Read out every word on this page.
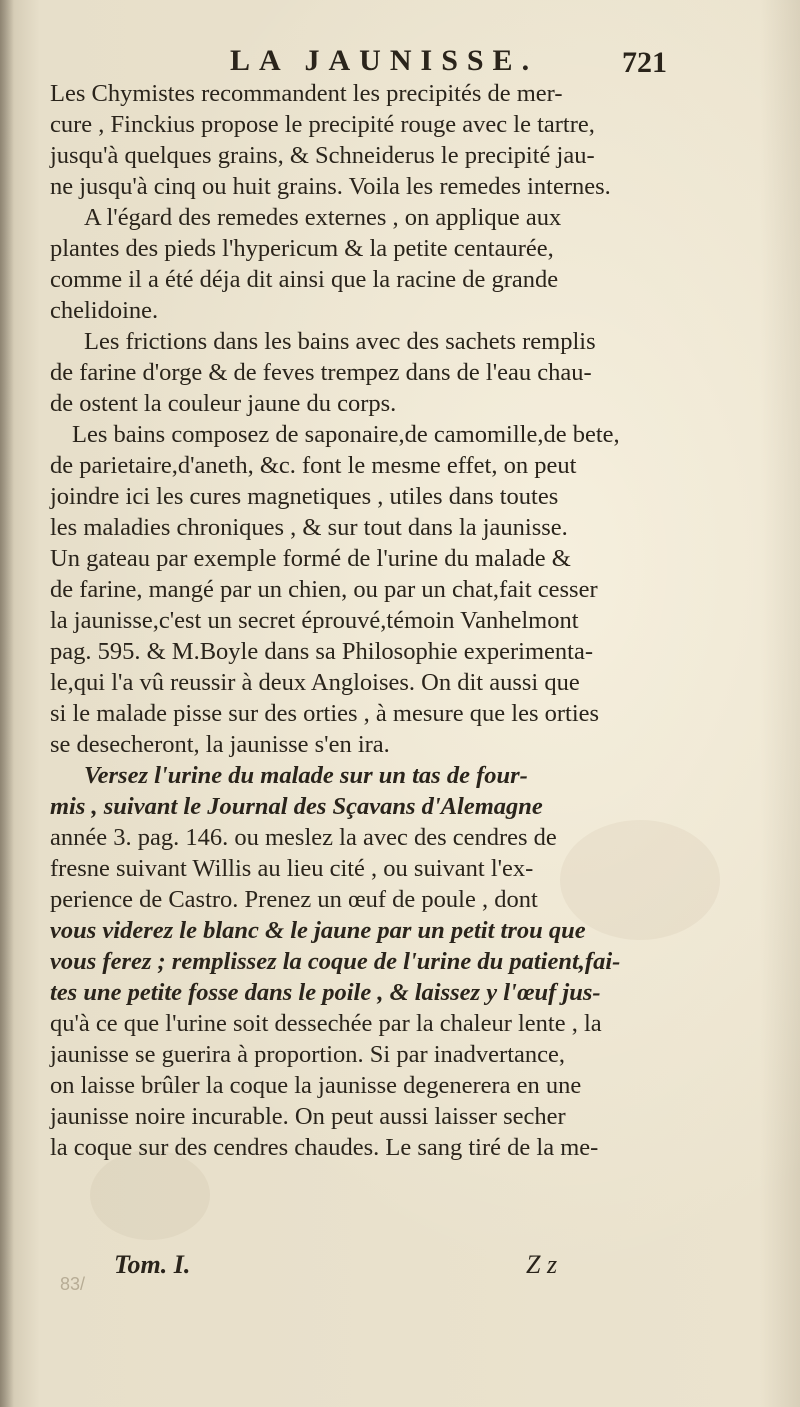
LA JAUNISSE.	721
Les Chymistes recommandent les precipités de mer-
cure , Finckius propose le precipité rouge avec le tartre,
jusqu'à quelques grains, & Schneiderus le precipité jau-
ne jusqu'à cinq ou huit grains. Voila les remedes internes.
A l'égard des remedes externes , on applique aux
plantes des pieds l'hypericum & la petite centaurée,
comme il a été déja dit ainsi que la racine de grande
chelidoine.
Les frictions dans les bains avec des sachets remplis
de farine d'orge & de feves trempez dans de l'eau chau-
de ostent la couleur jaune du corps.
Les bains composez de saponaire,de camomille,de bete,
de parietaire,d'aneth, &c. font le mesme effet, on peut
joindre ici les cures magnetiques , utiles dans toutes
les maladies chroniques , & sur tout dans la jaunisse.
Un gateau par exemple formé de l'urine du malade &
de farine, mangé par un chien, ou par un chat,fait cesser
la jaunisse,c'est un secret éprouvé,témoin Vanhelmont
pag. 595. & M.Boyle dans sa Philosophie experimenta-
le,qui l'a vû reussir à deux Angloises. On dit aussi que
si le malade pisse sur des orties , à mesure que les orties
se desecheront, la jaunisse s'en ira.
Versez l'urine du malade sur un tas de four-
mis , suivant le Journal des Sçavans d'Alemagne
année 3. pag. 146. ou meslez la avec des cendres de
fresne suivant Willis au lieu cité , ou suivant l'ex-
perience de Castro. Prenez un œuf de poule , dont
vous viderez le blanc & le jaune par un petit trou que
vous ferez ; remplissez la coque de l'urine du patient,fai-
tes une petite fosse dans le poile , & laissez y l'œuf jus-
qu'à ce que l'urine soit dessechée par la chaleur lente , la
jaunisse se guerira à proportion. Si par inadvertance,
on laisse brûler la coque la jaunisse degenerera en une
jaunisse noire incurable. On peut aussi laisser secher
la coque sur des cendres chaudes. Le sang tiré de la me-
Tom. I.	Z z
83/
